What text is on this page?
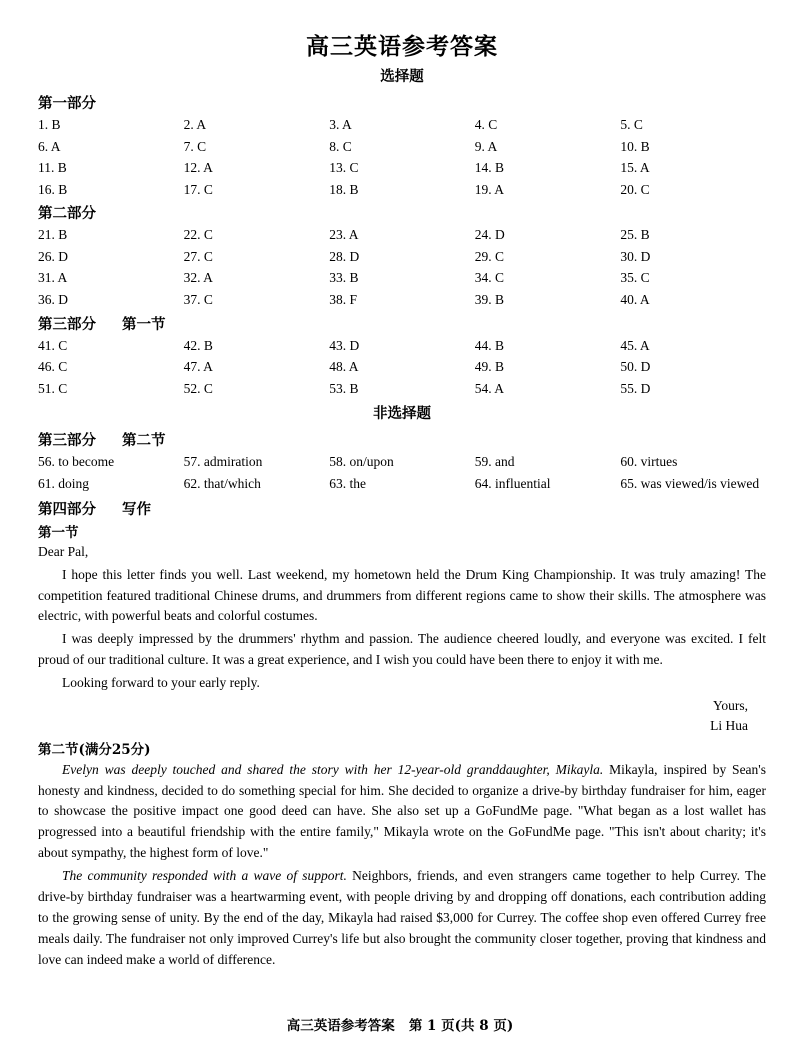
高三英语参考答案
选择题
第一部分
1. B	2. A	3. A	4. C	5. C
6. A	7. C	8. C	9. A	10. B
11. B	12. A	13. C	14. B	15. A
16. B	17. C	18. B	19. A	20. C
第二部分
21. B	22. C	23. A	24. D	25. B
26. D	27. C	28. D	29. C	30. D
31. A	32. A	33. B	34. C	35. C
36. D	37. C	38. F	39. B	40. A
第三部分 第一节
41. C	42. B	43. D	44. B	45. A
46. C	47. A	48. A	49. B	50. D
51. C	52. C	53. B	54. A	55. D
非选择题
第三部分 第二节
56. to become	57. admiration	58. on/upon	59. and	60. virtues
61. doing	62. that/which	63. the	64. influential	65. was viewed/is viewed
第四部分 写作
第一节
Dear Pal,

I hope this letter finds you well. Last weekend, my hometown held the Drum King Championship. It was truly amazing! The competition featured traditional Chinese drums, and drummers from different regions came to show their skills. The atmosphere was electric, with powerful beats and colorful costumes.

I was deeply impressed by the drummers' rhythm and passion. The audience cheered loudly, and everyone was excited. I felt proud of our traditional culture. It was a great experience, and I wish you could have been there to enjoy it with me.

Looking forward to your early reply.

Yours,
Li Hua
第二节(满分25分)

Evelyn was deeply touched and shared the story with her 12-year-old granddaughter, Mikayla. Mikayla, inspired by Sean's honesty and kindness, decided to do something special for him. She decided to organize a drive-by birthday fundraiser for him, eager to showcase the positive impact one good deed can have. She also set up a GoFundMe page. "What began as a lost wallet has progressed into a beautiful friendship with the entire family," Mikayla wrote on the GoFundMe page. "This isn't about charity; it's about sympathy, the highest form of love."

The community responded with a wave of support. Neighbors, friends, and even strangers came together to help Currey. The drive-by birthday fundraiser was a heartwarming event, with people driving by and dropping off donations, each contribution adding to the growing sense of unity. By the end of the day, Mikayla had raised $3,000 for Currey. The coffee shop even offered Currey free meals daily. The fundraiser not only improved Currey's life but also brought the community closer together, proving that kindness and love can indeed make a world of difference.

高三英语参考答案 第 1 页(共 8 页)
